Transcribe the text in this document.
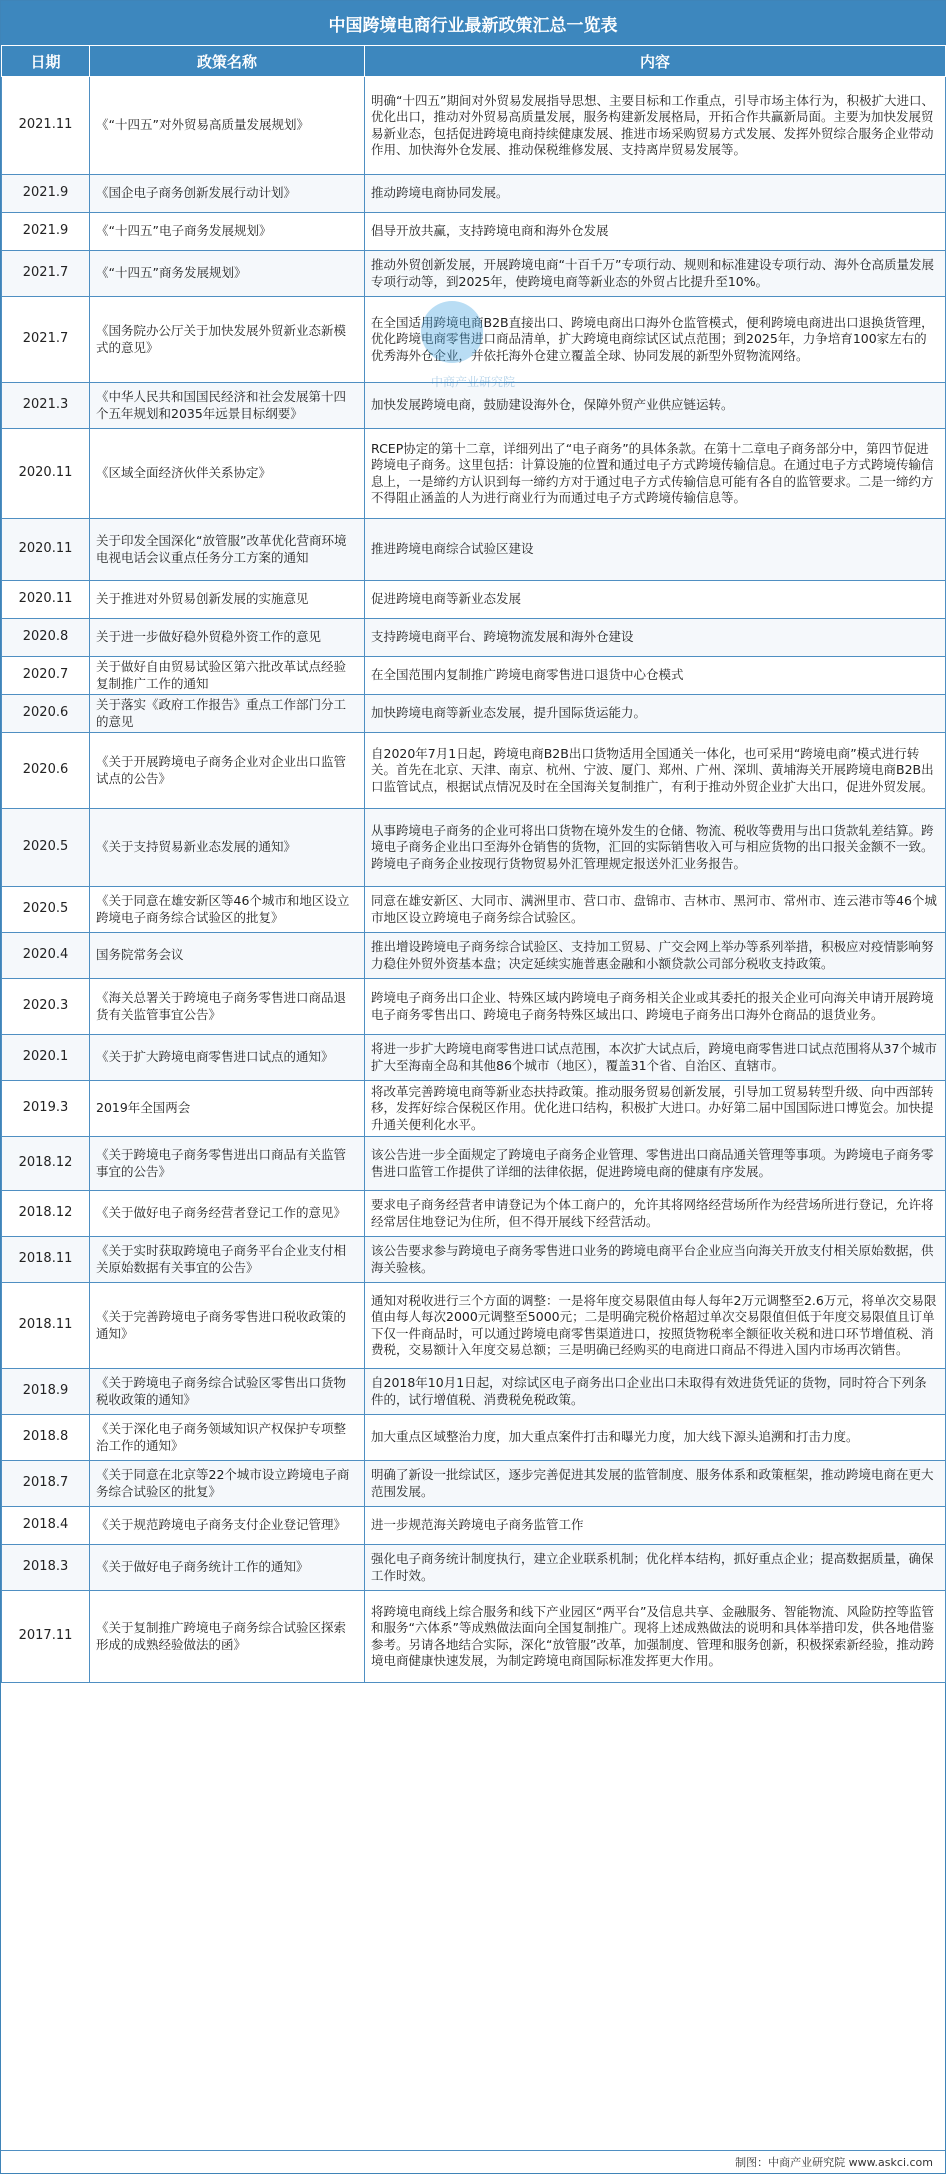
中国跨境电商行业最新政策汇总一览表
日期	政策名称	内容
2021.11	《“十四五”对外贸易高质量发展规划》	明确“十四五”期间对外贸易发展指导思想、主要目标和工作重点，引导市场主体行为，积极扩大进口、优化出口，推动对外贸易高质量发展，服务构建新发展格局，开拓合作共赢新局面。主要为加快发展贸易新业态，包括促进跨境电商持续健康发展、推进市场采购贸易方式发展、发挥外贸综合服务企业带动作用、加快海外仓发展、推动保税维修发展、支持离岸贸易发展等。
2021.9	《国企电子商务创新发展行动计划》	推动跨境电商协同发展。
2021.9	《“十四五”电子商务发展规划》	倡导开放共赢，支持跨境电商和海外仓发展
2021.7	《“十四五”商务发展规划》	推动外贸创新发展，开展跨境电商“十百千万”专项行动、规则和标准建设专项行动、海外仓高质量发展专项行动等，到2025年，使跨境电商等新业态的外贸占比提升至10%。
2021.7	《国务院办公厅关于加快发展外贸新业态新模式的意见》	在全国适用跨境电商B2B直接出口、跨境电商出口海外仓监管模式，便利跨境电商进出口退换货管理，优化跨境电商零售进口商品清单，扩大跨境电商综试区试点范围；到2025年，力争培育100家左右的优秀海外仓企业，并依托海外仓建立覆盖全球、协同发展的新型外贸物流网络。
2021.3	《中华人民共和国国民经济和社会发展第十四个五年规划和2035年远景目标纲要》	加快发展跨境电商，鼓励建设海外仓，保障外贸产业供应链运转。
2020.11	《区域全面经济伙伴关系协定》	RCEP协定的第十二章，详细列出了“电子商务”的具体条款。在第十二章电子商务部分中，第四节促进跨境电子商务。这里包括：计算设施的位置和通过电子方式跨境传输信息。在通过电子方式跨境传输信息上，一是缔约方认识到每一缔约方对于通过电子方式传输信息可能有各自的监管要求。二是一缔约方不得阻止涵盖的人为进行商业行为而通过电子方式跨境传输信息等。
2020.11	关于印发全国深化“放管服”改革优化营商环境电视电话会议重点任务分工方案的通知	推进跨境电商综合试验区建设
2020.11	关于推进对外贸易创新发展的实施意见	促进跨境电商等新业态发展
2020.8	关于进一步做好稳外贸稳外资工作的意见	支持跨境电商平台、跨境物流发展和海外仓建设
2020.7	关于做好自由贸易试验区第六批改革试点经验复制推广工作的通知	在全国范围内复制推广跨境电商零售进口退货中心仓模式
2020.6	关于落实《政府工作报告》重点工作部门分工的意见	加快跨境电商等新业态发展，提升国际货运能力。
2020.6	《关于开展跨境电子商务企业对企业出口监管试点的公告》	自2020年7月1日起，跨境电商B2B出口货物适用全国通关一体化，也可采用“跨境电商”模式进行转关。首先在北京、天津、南京、杭州、宁波、厦门、郑州、广州、深圳、黄埔海关开展跨境电商B2B出口监管试点，根据试点情况及时在全国海关复制推广，有利于推动外贸企业扩大出口，促进外贸发展。
2020.5	《关于支持贸易新业态发展的通知》	从事跨境电子商务的企业可将出口货物在境外发生的仓储、物流、税收等费用与出口货款轧差结算。跨境电子商务企业出口至海外仓销售的货物，汇回的实际销售收入可与相应货物的出口报关金额不一致。跨境电子商务企业按现行货物贸易外汇管理规定报送外汇业务报告。
2020.5	《关于同意在雄安新区等46个城市和地区设立跨境电子商务综合试验区的批复》	同意在雄安新区、大同市、满洲里市、营口市、盘锦市、吉林市、黑河市、常州市、连云港市等46个城市地区设立跨境电子商务综合试验区。
2020.4	国务院常务会议	推出增设跨境电子商务综合试验区、支持加工贸易、广交会网上举办等系列举措，积极应对疫情影响努力稳住外贸外资基本盘；决定延续实施普惠金融和小额贷款公司部分税收支持政策。
2020.3	《海关总署关于跨境电子商务零售进口商品退货有关监管事宜公告》	跨境电子商务出口企业、特殊区域内跨境电子商务相关企业或其委托的报关企业可向海关申请开展跨境电子商务零售出口、跨境电子商务特殊区域出口、跨境电子商务出口海外仓商品的退货业务。
2020.1	《关于扩大跨境电商零售进口试点的通知》	将进一步扩大跨境电商零售进口试点范围，本次扩大试点后，跨境电商零售进口试点范围将从37个城市扩大至海南全岛和其他86个城市（地区），覆盖31个省、自治区、直辖市。
2019.3	2019年全国两会	将改革完善跨境电商等新业态扶持政策。推动服务贸易创新发展，引导加工贸易转型升级、向中西部转移，发挥好综合保税区作用。优化进口结构，积极扩大进口。办好第二届中国国际进口博览会。加快提升通关便利化水平。
2018.12	《关于跨境电子商务零售进出口商品有关监管事宜的公告》	该公告进一步全面规定了跨境电子商务企业管理、零售进出口商品通关管理等事项。为跨境电子商务零售进口监管工作提供了详细的法律依据，促进跨境电商的健康有序发展。
2018.12	《关于做好电子商务经营者登记工作的意见》	要求电子商务经营者申请登记为个体工商户的，允许其将网络经营场所作为经营场所进行登记，允许将经常居住地登记为住所，但不得开展线下经营活动。
2018.11	《关于实时获取跨境电子商务平台企业支付相关原始数据有关事宜的公告》	该公告要求参与跨境电子商务零售进口业务的跨境电商平台企业应当向海关开放支付相关原始数据，供海关验核。
2018.11	《关于完善跨境电子商务零售进口税收政策的通知》	通知对税收进行三个方面的调整：一是将年度交易限值由每人每年2万元调整至2.6万元，将单次交易限值由每人每次2000元调整至5000元；二是明确完税价格超过单次交易限值但低于年度交易限值且订单下仅一件商品时，可以通过跨境电商零售渠道进口，按照货物税率全额征收关税和进口环节增值税、消费税，交易额计入年度交易总额；三是明确已经购买的电商进口商品不得进入国内市场再次销售。
2018.9	《关于跨境电子商务综合试验区零售出口货物税收政策的通知》	自2018年10月1日起，对综试区电子商务出口企业出口未取得有效进货凭证的货物，同时符合下列条件的，试行增值税、消费税免税政策。
2018.8	《关于深化电子商务领域知识产权保护专项整治工作的通知》	加大重点区域整治力度，加大重点案件打击和曝光力度，加大线下源头追溯和打击力度。
2018.7	《关于同意在北京等22个城市设立跨境电子商务综合试验区的批复》	明确了新设一批综试区，逐步完善促进其发展的监管制度、服务体系和政策框架，推动跨境电商在更大范围发展。
2018.4	《关于规范跨境电子商务支付企业登记管理》	进一步规范海关跨境电子商务监管工作
2018.3	《关于做好电子商务统计工作的通知》	强化电子商务统计制度执行，建立企业联系机制；优化样本结构，抓好重点企业；提高数据质量，确保工作时效。
2017.11	《关于复制推广跨境电子商务综合试验区探索形成的成熟经验做法的函》	将跨境电商线上综合服务和线下产业园区“两平台”及信息共享、金融服务、智能物流、风险防控等监管和服务“六体系”等成熟做法面向全国复制推广。现将上述成熟做法的说明和具体举措印发，供各地借鉴参考。另请各地结合实际，深化“放管服”改革，加强制度、管理和服务创新，积极探索新经验，推动跨境电商健康快速发展，为制定跨境电商国际标准发挥更大作用。
中商产业研究院
制图：中商产业研究院 www.askci.com
